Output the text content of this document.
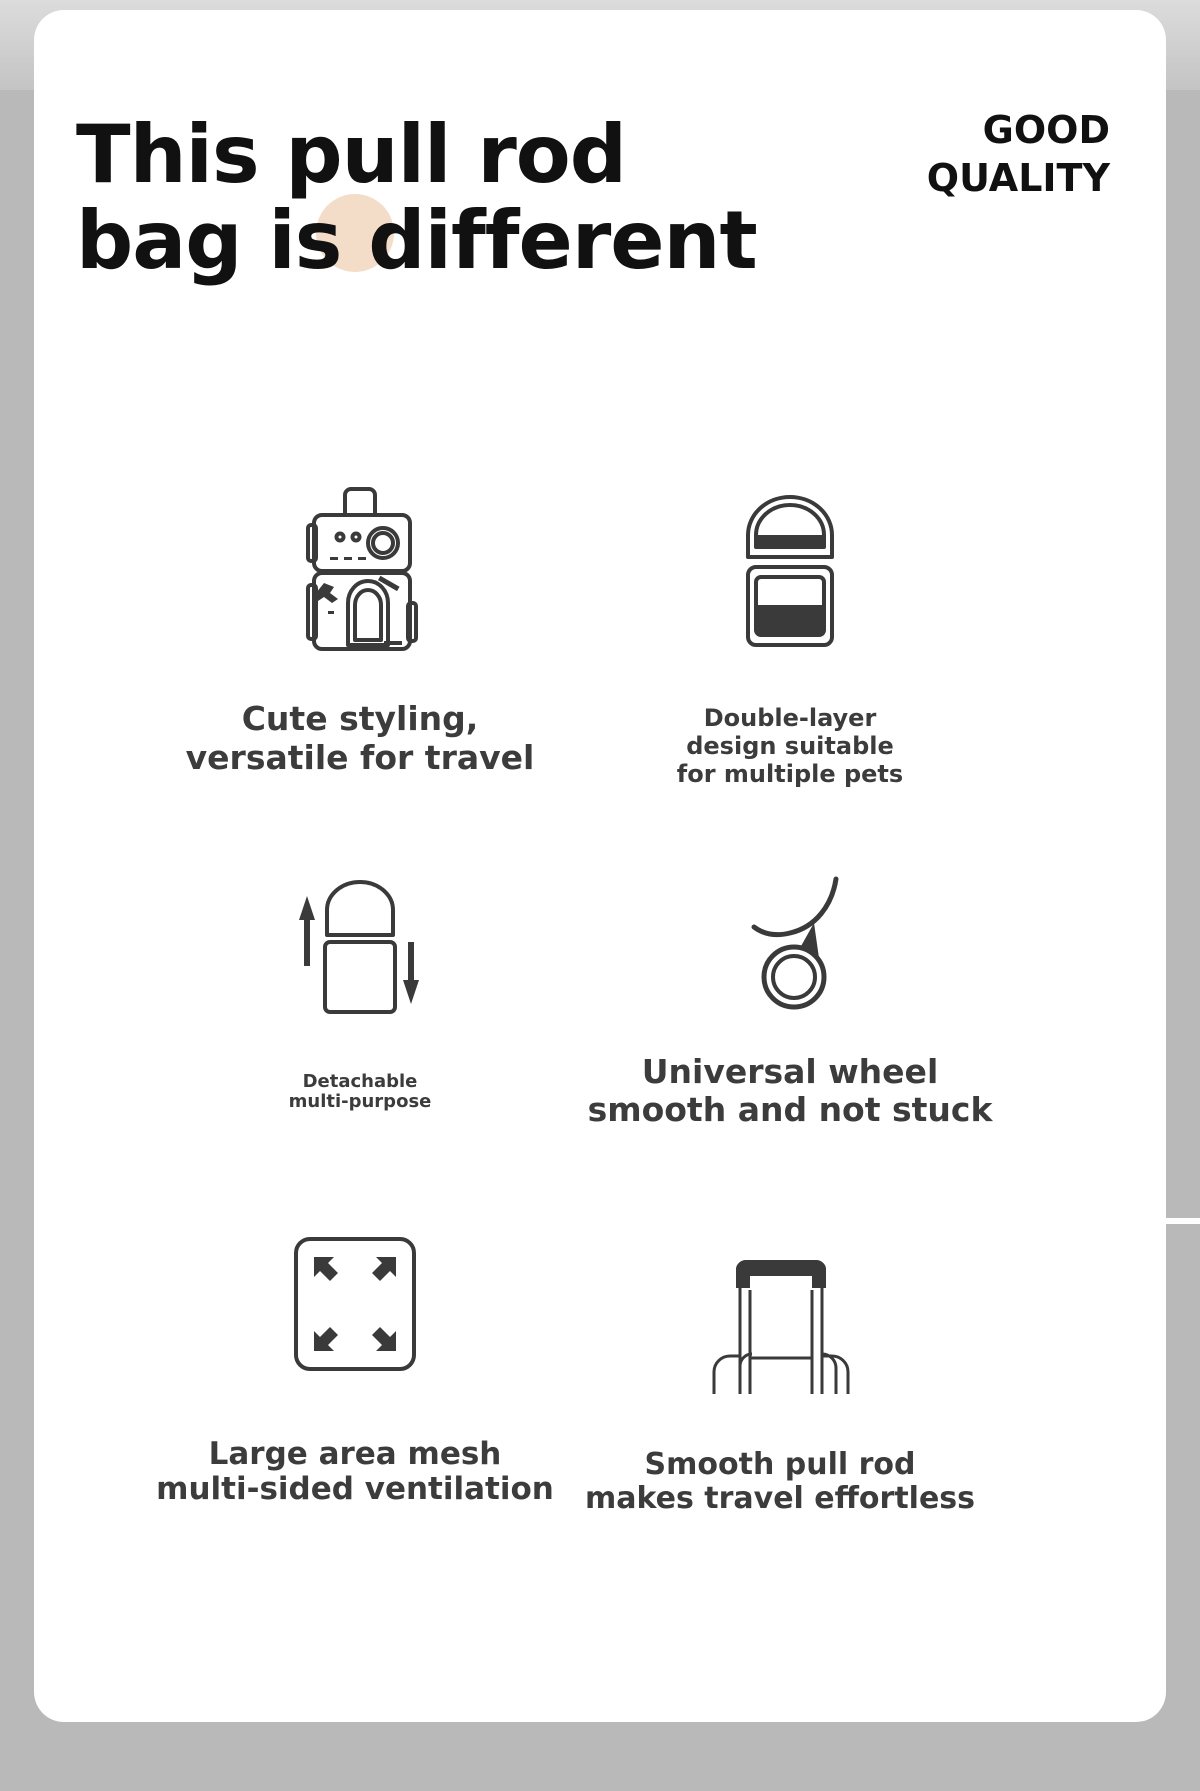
This pull rod
bag is different
GOOD
QUALITY
Cute styling,
versatile for travel
Double-layer
design suitable
for multiple pets
Detachable
multi-purpose
Universal wheel
smooth and not stuck
Large area mesh
multi-sided ventilation
Smooth pull rod
makes travel effortless
